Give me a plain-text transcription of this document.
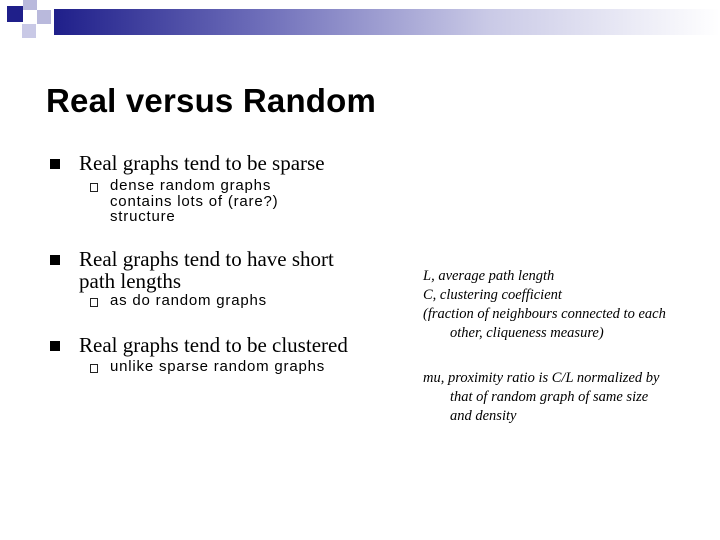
Real versus Random
Real graphs tend to be sparse
dense random graphs
contains lots of (rare?)
structure
Real graphs tend to have short
path lengths
as do random graphs
Real graphs tend to be clustered
unlike sparse random graphs
L, average path length
C, clustering coefficient
(fraction of neighbours connected to each
other, cliqueness measure)
mu, proximity ratio is C/L normalized by
that of random graph of same size
and density
